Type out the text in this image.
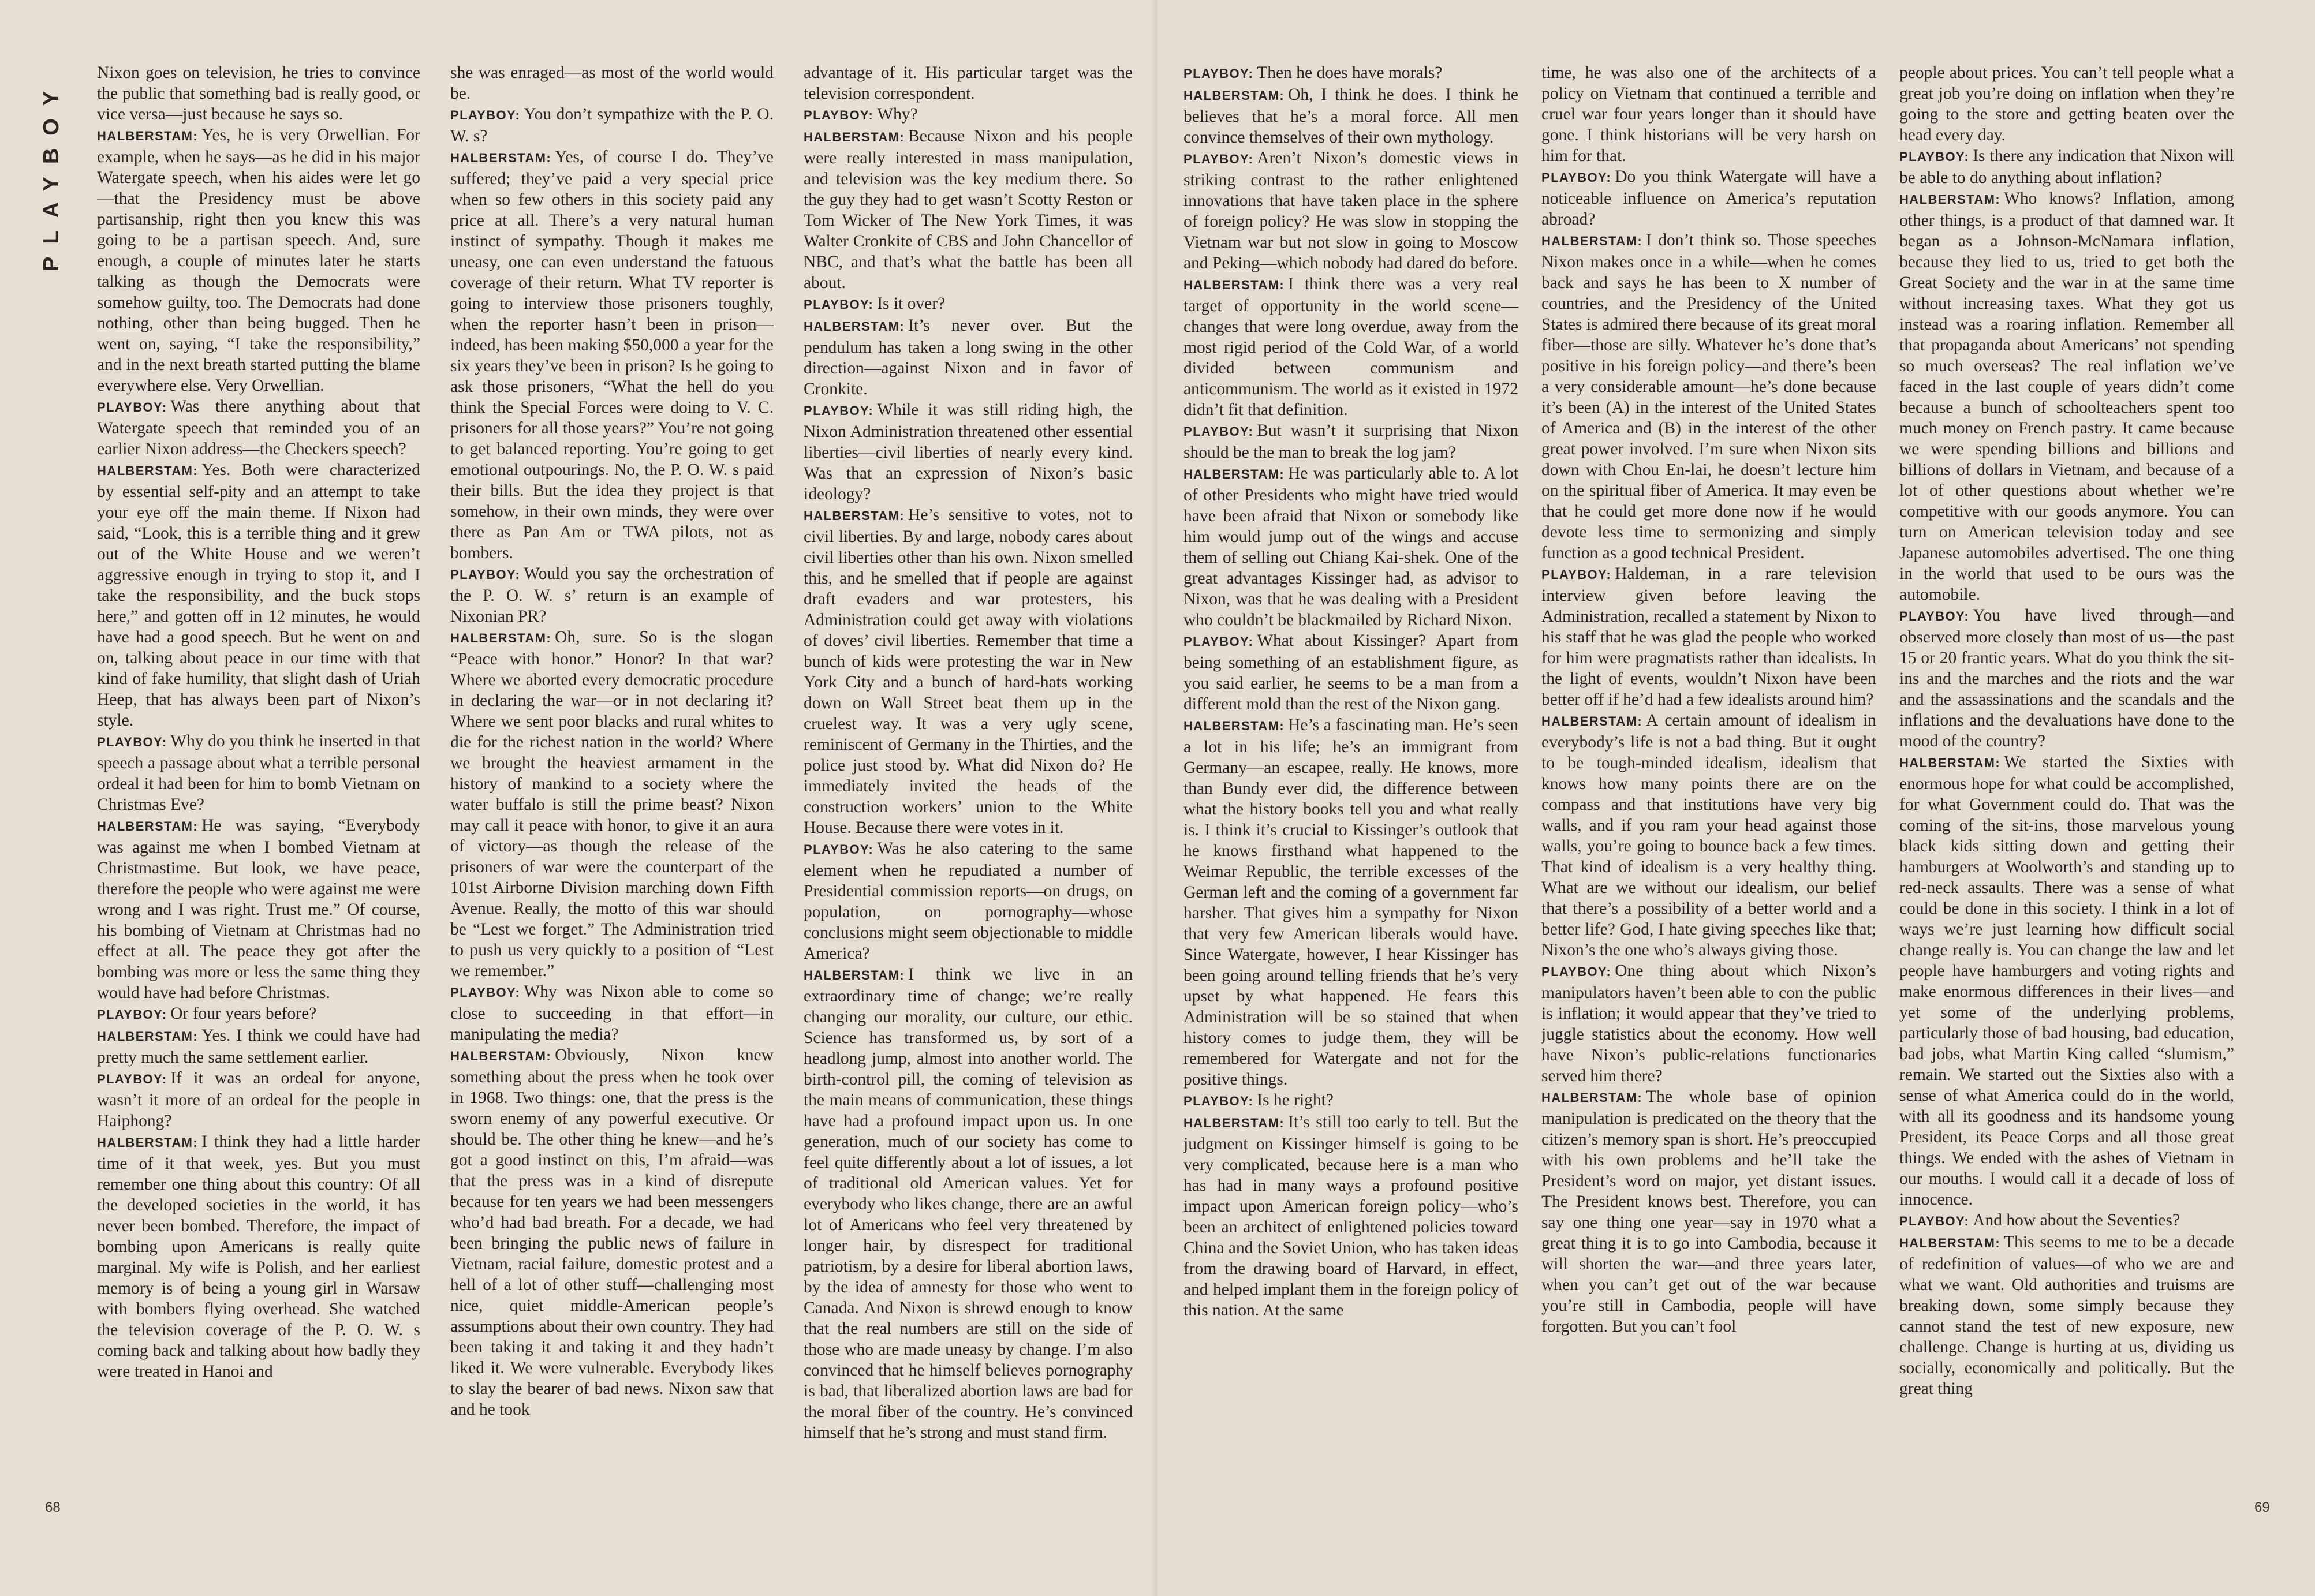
PLAYBOY

Nixon goes on television, he tries to convince the public that something bad is really good, or vice versa—just because he says so.

HALBERSTAM: Yes, he is very Orwellian. For example, when he says—as he did in his major Watergate speech, when his aides were let go—that the Presidency must be above partisanship, right then you knew this was going to be a partisan speech. And, sure enough, a couple of minutes later he starts talking as though the Democrats were somehow guilty, too. The Democrats had done nothing, other than being bugged. Then he went on, saying, “I take the responsibility,” and in the next breath started putting the blame everywhere else. Very Orwellian.

PLAYBOY: Was there anything about that Watergate speech that reminded you of an earlier Nixon address—the Checkers speech?

HALBERSTAM: Yes. Both were characterized by essential self-pity and an attempt to take your eye off the main theme. If Nixon had said, “Look, this is a terrible thing and it grew out of the White House and we weren’t aggressive enough in trying to stop it, and I take the responsibility, and the buck stops here,” and gotten off in 12 minutes, he would have had a good speech. But he went on and on, talking about peace in our time with that kind of fake humility, that slight dash of Uriah Heep, that has always been part of Nixon’s style.

PLAYBOY: Why do you think he inserted in that speech a passage about what a terrible personal ordeal it had been for him to bomb Vietnam on Christmas Eve?

HALBERSTAM: He was saying, “Everybody was against me when I bombed Vietnam at Christmastime. But look, we have peace, therefore the people who were against me were wrong and I was right. Trust me.” Of course, his bombing of Vietnam at Christmas had no effect at all. The peace they got after the bombing was more or less the same thing they would have had before Christmas.

PLAYBOY: Or four years before?

HALBERSTAM: Yes. I think we could have had pretty much the same settlement earlier.

PLAYBOY: If it was an ordeal for anyone, wasn’t it more of an ordeal for the people in Haiphong?

HALBERSTAM: I think they had a little harder time of it that week, yes. But you must remember one thing about this country: Of all the developed societies in the world, it has never been bombed. Therefore, the impact of bombing upon Americans is really quite marginal. My wife is Polish, and her earliest memory is of being a young girl in Warsaw with bombers flying overhead. She watched the television coverage of the P. O. W. s coming back and talking about how badly they were treated in Hanoi and

she was enraged—as most of the world would be.

PLAYBOY: You don’t sympathize with the P. O. W. s?

HALBERSTAM: Yes, of course I do. They’ve suffered; they’ve paid a very special price when so few others in this society paid any price at all. There’s a very natural human instinct of sympathy. Though it makes me uneasy, one can even understand the fatuous coverage of their return. What TV reporter is going to interview those prisoners toughly, when the reporter hasn’t been in prison—indeed, has been making $50,000 a year for the six years they’ve been in prison? Is he going to ask those prisoners, “What the hell do you think the Special Forces were doing to V. C. prisoners for all those years?” You’re not going to get balanced reporting. You’re going to get emotional outpourings. No, the P. O. W. s paid their bills. But the idea they project is that somehow, in their own minds, they were over there as Pan Am or TWA pilots, not as bombers.

PLAYBOY: Would you say the orchestration of the P. O. W. s’ return is an example of Nixonian PR?

HALBERSTAM: Oh, sure. So is the slogan “Peace with honor.” Honor? In that war? Where we aborted every democratic procedure in declaring the war—or in not declaring it? Where we sent poor blacks and rural whites to die for the richest nation in the world? Where we brought the heaviest armament in the history of mankind to a society where the water buffalo is still the prime beast? Nixon may call it peace with honor, to give it an aura of victory—as though the release of the prisoners of war were the counterpart of the 101st Airborne Division marching down Fifth Avenue. Really, the motto of this war should be “Lest we forget.” The Administration tried to push us very quickly to a position of “Lest we remember.”

PLAYBOY: Why was Nixon able to come so close to succeeding in that effort—in manipulating the media?

HALBERSTAM: Obviously, Nixon knew something about the press when he took over in 1968. Two things: one, that the press is the sworn enemy of any powerful executive. Or should be. The other thing he knew—and he’s got a good instinct on this, I’m afraid—was that the press was in a kind of disrepute because for ten years we had been messengers who’d had bad breath. For a decade, we had been bringing the public news of failure in Vietnam, racial failure, domestic protest and a hell of a lot of other stuff—challenging most nice, quiet middle-American people’s assumptions about their own country. They had been taking it and taking it and they hadn’t liked it. We were vulnerable. Everybody likes to slay the bearer of bad news. Nixon saw that and he took

advantage of it. His particular target was the television correspondent.

PLAYBOY: Why?

HALBERSTAM: Because Nixon and his people were really interested in mass manipulation, and television was the key medium there. So the guy they had to get wasn’t Scotty Reston or Tom Wicker of The New York Times, it was Walter Cronkite of CBS and John Chancellor of NBC, and that’s what the battle has been all about.

PLAYBOY: Is it over?

HALBERSTAM: It’s never over. But the pendulum has taken a long swing in the other direction—against Nixon and in favor of Cronkite.

PLAYBOY: While it was still riding high, the Nixon Administration threatened other essential liberties—civil liberties of nearly every kind. Was that an expression of Nixon’s basic ideology?

HALBERSTAM: He’s sensitive to votes, not to civil liberties. By and large, nobody cares about civil liberties other than his own. Nixon smelled this, and he smelled that if people are against draft evaders and war protesters, his Administration could get away with violations of doves’ civil liberties. Remember that time a bunch of kids were protesting the war in New York City and a bunch of hard-hats working down on Wall Street beat them up in the cruelest way. It was a very ugly scene, reminiscent of Germany in the Thirties, and the police just stood by. What did Nixon do? He immediately invited the heads of the construction workers’ union to the White House. Because there were votes in it.

PLAYBOY: Was he also catering to the same element when he repudiated a number of Presidential commission reports—on drugs, on population, on pornography—whose conclusions might seem objectionable to middle America?

HALBERSTAM: I think we live in an extraordinary time of change; we’re really changing our morality, our culture, our ethic. Science has transformed us, by sort of a headlong jump, almost into another world. The birth-control pill, the coming of television as the main means of communication, these things have had a profound impact upon us. In one generation, much of our society has come to feel quite differently about a lot of issues, a lot of traditional old American values. Yet for everybody who likes change, there are an awful lot of Americans who feel very threatened by longer hair, by disrespect for traditional patriotism, by a desire for liberal abortion laws, by the idea of amnesty for those who went to Canada. And Nixon is shrewd enough to know that the real numbers are still on the side of those who are made uneasy by change. I’m also convinced that he himself believes pornography is bad, that liberalized abortion laws are bad for the moral fiber of the country. He’s convinced himself that he’s strong and must stand firm.

68

PLAYBOY: Then he does have morals?

HALBERSTAM: Oh, I think he does. I think he believes that he’s a moral force. All men convince themselves of their own mythology.

PLAYBOY: Aren’t Nixon’s domestic views in striking contrast to the rather enlightened innovations that have taken place in the sphere of foreign policy? He was slow in stopping the Vietnam war but not slow in going to Moscow and Peking—which nobody had dared do before.

HALBERSTAM: I think there was a very real target of opportunity in the world scene—changes that were long overdue, away from the most rigid period of the Cold War, of a world divided between communism and anticommunism. The world as it existed in 1972 didn’t fit that definition.

PLAYBOY: But wasn’t it surprising that Nixon should be the man to break the log jam?

HALBERSTAM: He was particularly able to. A lot of other Presidents who might have tried would have been afraid that Nixon or somebody like him would jump out of the wings and accuse them of selling out Chiang Kai-shek. One of the great advantages Kissinger had, as advisor to Nixon, was that he was dealing with a President who couldn’t be blackmailed by Richard Nixon.

PLAYBOY: What about Kissinger? Apart from being something of an establishment figure, as you said earlier, he seems to be a man from a different mold than the rest of the Nixon gang.

HALBERSTAM: He’s a fascinating man. He’s seen a lot in his life; he’s an immigrant from Germany—an escapee, really. He knows, more than Bundy ever did, the difference between what the history books tell you and what really is. I think it’s crucial to Kissinger’s outlook that he knows firsthand what happened to the Weimar Republic, the terrible excesses of the German left and the coming of a government far harsher. That gives him a sympathy for Nixon that very few American liberals would have. Since Watergate, however, I hear Kissinger has been going around telling friends that he’s very upset by what happened. He fears this Administration will be so stained that when history comes to judge them, they will be remembered for Watergate and not for the positive things.

PLAYBOY: Is he right?

HALBERSTAM: It’s still too early to tell. But the judgment on Kissinger himself is going to be very complicated, because here is a man who has had in many ways a profound positive impact upon American foreign policy—who’s been an architect of enlightened policies toward China and the Soviet Union, who has taken ideas from the drawing board of Harvard, in effect, and helped implant them in the foreign policy of this nation. At the same

time, he was also one of the architects of a policy on Vietnam that continued a terrible and cruel war four years longer than it should have gone. I think historians will be very harsh on him for that.

PLAYBOY: Do you think Watergate will have a noticeable influence on America’s reputation abroad?

HALBERSTAM: I don’t think so. Those speeches Nixon makes once in a while—when he comes back and says he has been to X number of countries, and the Presidency of the United States is admired there because of its great moral fiber—those are silly. Whatever he’s done that’s positive in his foreign policy—and there’s been a very considerable amount—he’s done because it’s been (A) in the interest of the United States of America and (B) in the interest of the other great power involved. I’m sure when Nixon sits down with Chou En-lai, he doesn’t lecture him on the spiritual fiber of America. It may even be that he could get more done now if he would devote less time to sermonizing and simply function as a good technical President.

PLAYBOY: Haldeman, in a rare television interview given before leaving the Administration, recalled a statement by Nixon to his staff that he was glad the people who worked for him were pragmatists rather than idealists. In the light of events, wouldn’t Nixon have been better off if he’d had a few idealists around him?

HALBERSTAM: A certain amount of idealism in everybody’s life is not a bad thing. But it ought to be tough-minded idealism, idealism that knows how many points there are on the compass and that institutions have very big walls, and if you ram your head against those walls, you’re going to bounce back a few times. That kind of idealism is a very healthy thing. What are we without our idealism, our belief that there’s a possibility of a better world and a better life? God, I hate giving speeches like that; Nixon’s the one who’s always giving those.

PLAYBOY: One thing about which Nixon’s manipulators haven’t been able to con the public is inflation; it would appear that they’ve tried to juggle statistics about the economy. How well have Nixon’s public-relations functionaries served him there?

HALBERSTAM: The whole base of opinion manipulation is predicated on the theory that the citizen’s memory span is short. He’s preoccupied with his own problems and he’ll take the President’s word on major, yet distant issues. The President knows best. Therefore, you can say one thing one year—say in 1970 what a great thing it is to go into Cambodia, because it will shorten the war—and three years later, when you can’t get out of the war because you’re still in Cambodia, people will have forgotten. But you can’t fool

people about prices. You can’t tell people what a great job you’re doing on inflation when they’re going to the store and getting beaten over the head every day.

PLAYBOY: Is there any indication that Nixon will be able to do anything about inflation?

HALBERSTAM: Who knows? Inflation, among other things, is a product of that damned war. It began as a Johnson-McNamara inflation, because they lied to us, tried to get both the Great Society and the war in at the same time without increasing taxes. What they got us instead was a roaring inflation. Remember all that propaganda about Americans’ not spending so much overseas? The real inflation we’ve faced in the last couple of years didn’t come because a bunch of schoolteachers spent too much money on French pastry. It came because we were spending billions and billions and billions of dollars in Vietnam, and because of a lot of other questions about whether we’re competitive with our goods anymore. You can turn on American television today and see Japanese automobiles advertised. The one thing in the world that used to be ours was the automobile.

PLAYBOY: You have lived through—and observed more closely than most of us—the past 15 or 20 frantic years. What do you think the sit-ins and the marches and the riots and the war and the assassinations and the scandals and the inflations and the devaluations have done to the mood of the country?

HALBERSTAM: We started the Sixties with enormous hope for what could be accomplished, for what Government could do. That was the coming of the sit-ins, those marvelous young black kids sitting down and getting their hamburgers at Woolworth’s and standing up to red-neck assaults. There was a sense of what could be done in this society. I think in a lot of ways we’re just learning how difficult social change really is. You can change the law and let people have hamburgers and voting rights and make enormous differences in their lives—and yet some of the underlying problems, particularly those of bad housing, bad education, bad jobs, what Martin King called “slumism,” remain. We started out the Sixties also with a sense of what America could do in the world, with all its goodness and its handsome young President, its Peace Corps and all those great things. We ended with the ashes of Vietnam in our mouths. I would call it a decade of loss of innocence.

PLAYBOY: And how about the Seventies?

HALBERSTAM: This seems to me to be a decade of redefinition of values—of who we are and what we want. Old authorities and truisms are breaking down, some simply because they cannot stand the test of new exposure, new challenge. Change is hurting at us, dividing us socially, economically and politically. But the great thing

69
